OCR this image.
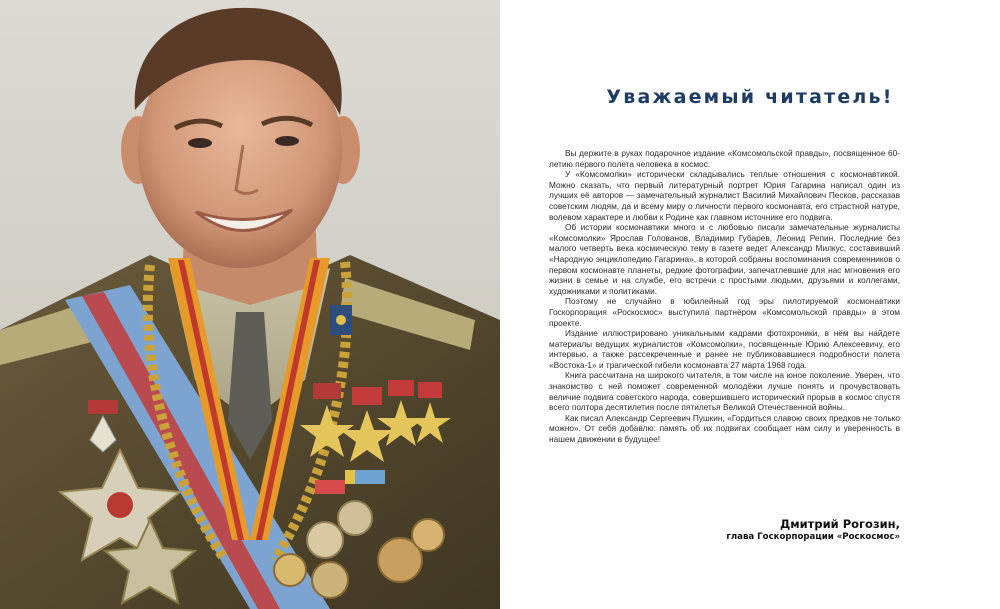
Уважаемый читатель!

Вы держите в руках подарочное издание «Комсомольской правды», посвященное 60-летию первого полета человека в космос.

У «Комсомолки» исторически складывались теплые отношения с космонавтикой. Можно сказать, что первый литературный портрет Юрия Гагарина написал один из лучших её авторов — замечательный журналист Василий Михайлович Песков, рассказав советским людям, да и всему миру о личности первого космонавта, его страстной натуре, волевом характере и любви к Родине как главном источнике его подвига.

Об истории космонавтики много и с любовью писали замечательные журналисты «Комсомолки» Ярослав Голованов, Владимир Губарев, Леонид Репин. Последние без малого четверть века космическую тему в газете ведет Александр Милкус, составивший «Народную энциклопедию Гагарина», в которой собраны воспоминания современников о первом космонавте планеты, редкие фотографии, запечатлевшие для нас мгновения его жизни в семье и на службе, его встречи с простыми людьми, друзьями и коллегами, художниками и политиками.

Поэтому не случайно в юбилейный год эры пилотируемой космонавтики Госкорпорация «Роскосмос» выступила партнёром «Комсомольской правды» в этом проекте.

Издание иллюстрировано уникальными кадрами фотохроники, в нём вы найдете материалы ведущих журналистов «Комсомолки», посвященные Юрию Алексеевичу, его интервью, а также рассекреченные и ранее не публиковавшиеся подробности полета «Востока-1» и трагической гибели космонавта 27 марта 1968 года.

Книга рассчитана на широкого читателя, в том числе на юное поколение. Уверен, что знакомство с ней поможет современной молодёжи лучше понять и прочувствовать величие подвига советского народа, совершившего исторический прорыв в космос спустя всего полтора десятилетия после пятилетья Великой Отечественной войны.

Как писал Александр Сергеевич Пушкин, «Гордиться славою своих предков не только можно». От себя добавлю: память об их подвигах сообщает нам силу и уверенность в нашем движении в будущее!

Дмитрий Рогозин,
глава Госкорпорации «Роскосмос»
